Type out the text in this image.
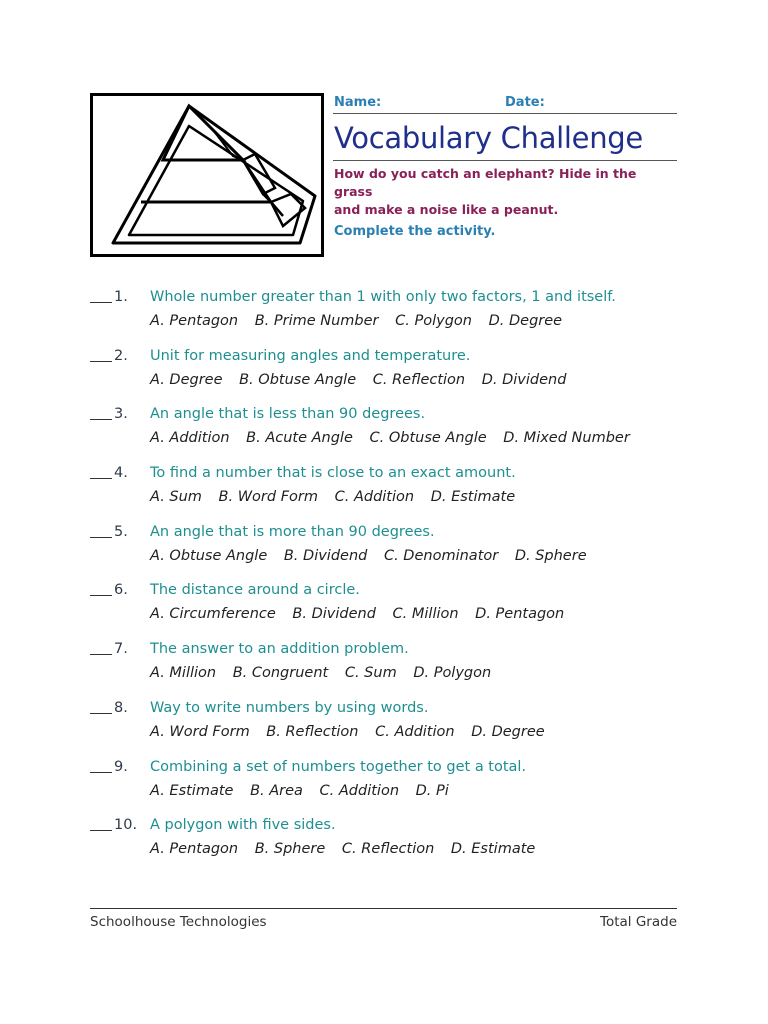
Name:	Date:
Vocabulary Challenge
How do you catch an elephant? Hide in the grass
and make a noise like a peanut.
Complete the activity.
1. Whole number greater than 1 with only two factors, 1 and itself.
A. Pentagon B. Prime Number C. Polygon D. Degree
2. Unit for measuring angles and temperature.
A. Degree B. Obtuse Angle C. Reflection D. Dividend
3. An angle that is less than 90 degrees.
A. Addition B. Acute Angle C. Obtuse Angle D. Mixed Number
4. To find a number that is close to an exact amount.
A. Sum B. Word Form C. Addition D. Estimate
5. An angle that is more than 90 degrees.
A. Obtuse Angle B. Dividend C. Denominator D. Sphere
6. The distance around a circle.
A. Circumference B. Dividend C. Million D. Pentagon
7. The answer to an addition problem.
A. Million B. Congruent C. Sum D. Polygon
8. Way to write numbers by using words.
A. Word Form B. Reflection C. Addition D. Degree
9. Combining a set of numbers together to get a total.
A. Estimate B. Area C. Addition D. Pi
10. A polygon with five sides.
A. Pentagon B. Sphere C. Reflection D. Estimate
Schoolhouse Technologies	Total Grade
